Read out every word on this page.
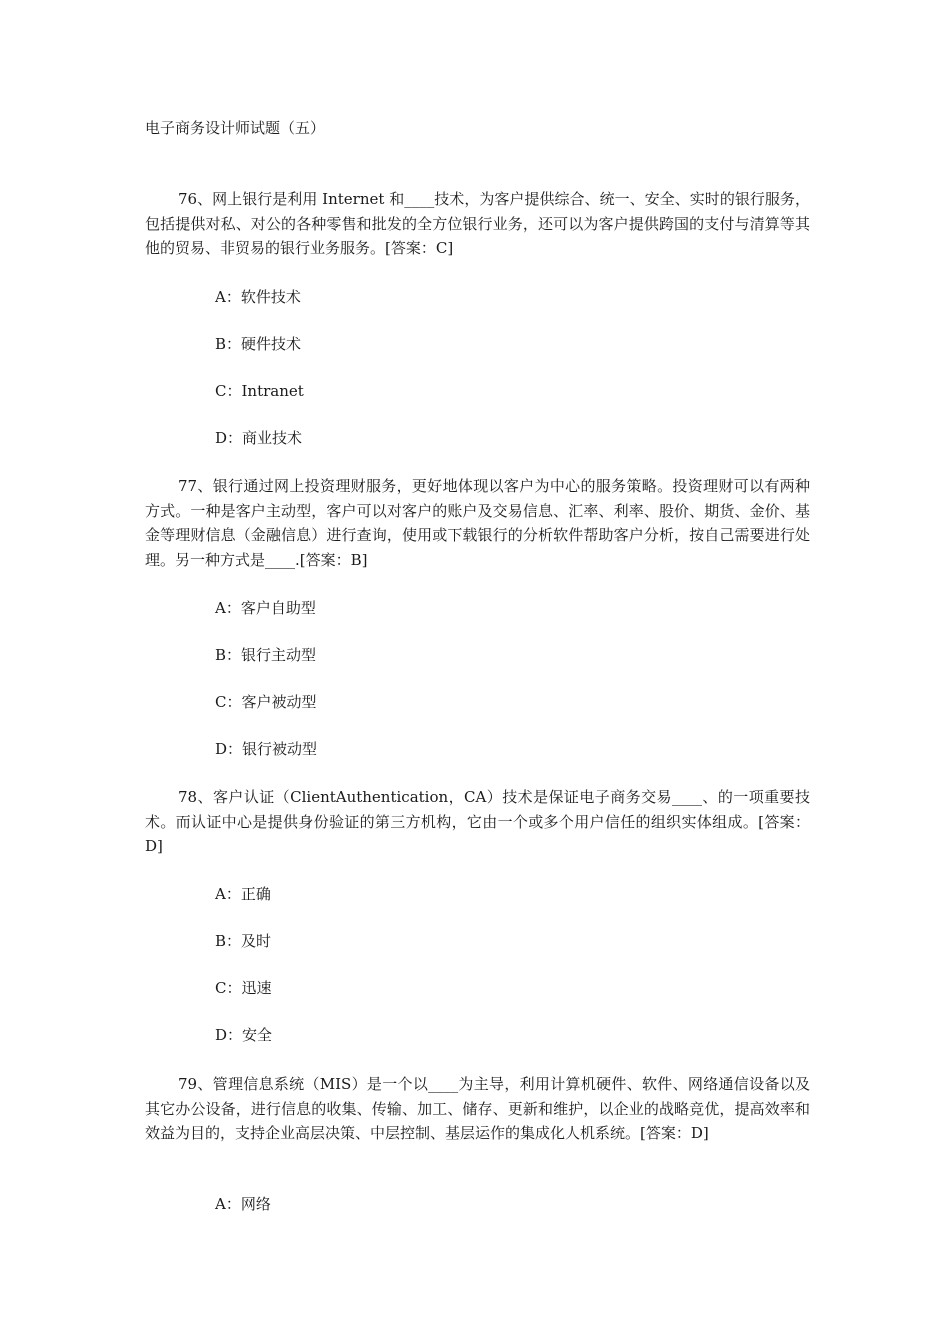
电子商务设计师试题（五）

76、网上银行是利用 Internet 和____技术，为客户提供综合、统一、安全、实时的银行服务，包括提供对私、对公的各种零售和批发的全方位银行业务，还可以为客户提供跨国的支付与清算等其他的贸易、非贸易的银行业务服务。[答案：C]

A：软件技术
B：硬件技术
C：Intranet
D：商业技术

77、银行通过网上投资理财服务，更好地体现以客户为中心的服务策略。投资理财可以有两种方式。一种是客户主动型，客户可以对客户的账户及交易信息、汇率、利率、股价、期货、金价、基金等理财信息（金融信息）进行查询，使用或下载银行的分析软件帮助客户分析，按自己需要进行处理。另一种方式是____.[答案：B]

A：客户自助型
B：银行主动型
C：客户被动型
D：银行被动型

78、客户认证（ClientAuthentication，CA）技术是保证电子商务交易____、的一项重要技术。而认证中心是提供身份验证的第三方机构，它由一个或多个用户信任的组织实体组成。[答案：D]

A：正确
B：及时
C：迅速
D：安全

79、管理信息系统（MIS）是一个以____为主导，利用计算机硬件、软件、网络通信设备以及其它办公设备，进行信息的收集、传输、加工、储存、更新和维护，以企业的战略竞优，提高效率和效益为目的，支持企业高层决策、中层控制、基层运作的集成化人机系统。[答案：D]

A：网络
